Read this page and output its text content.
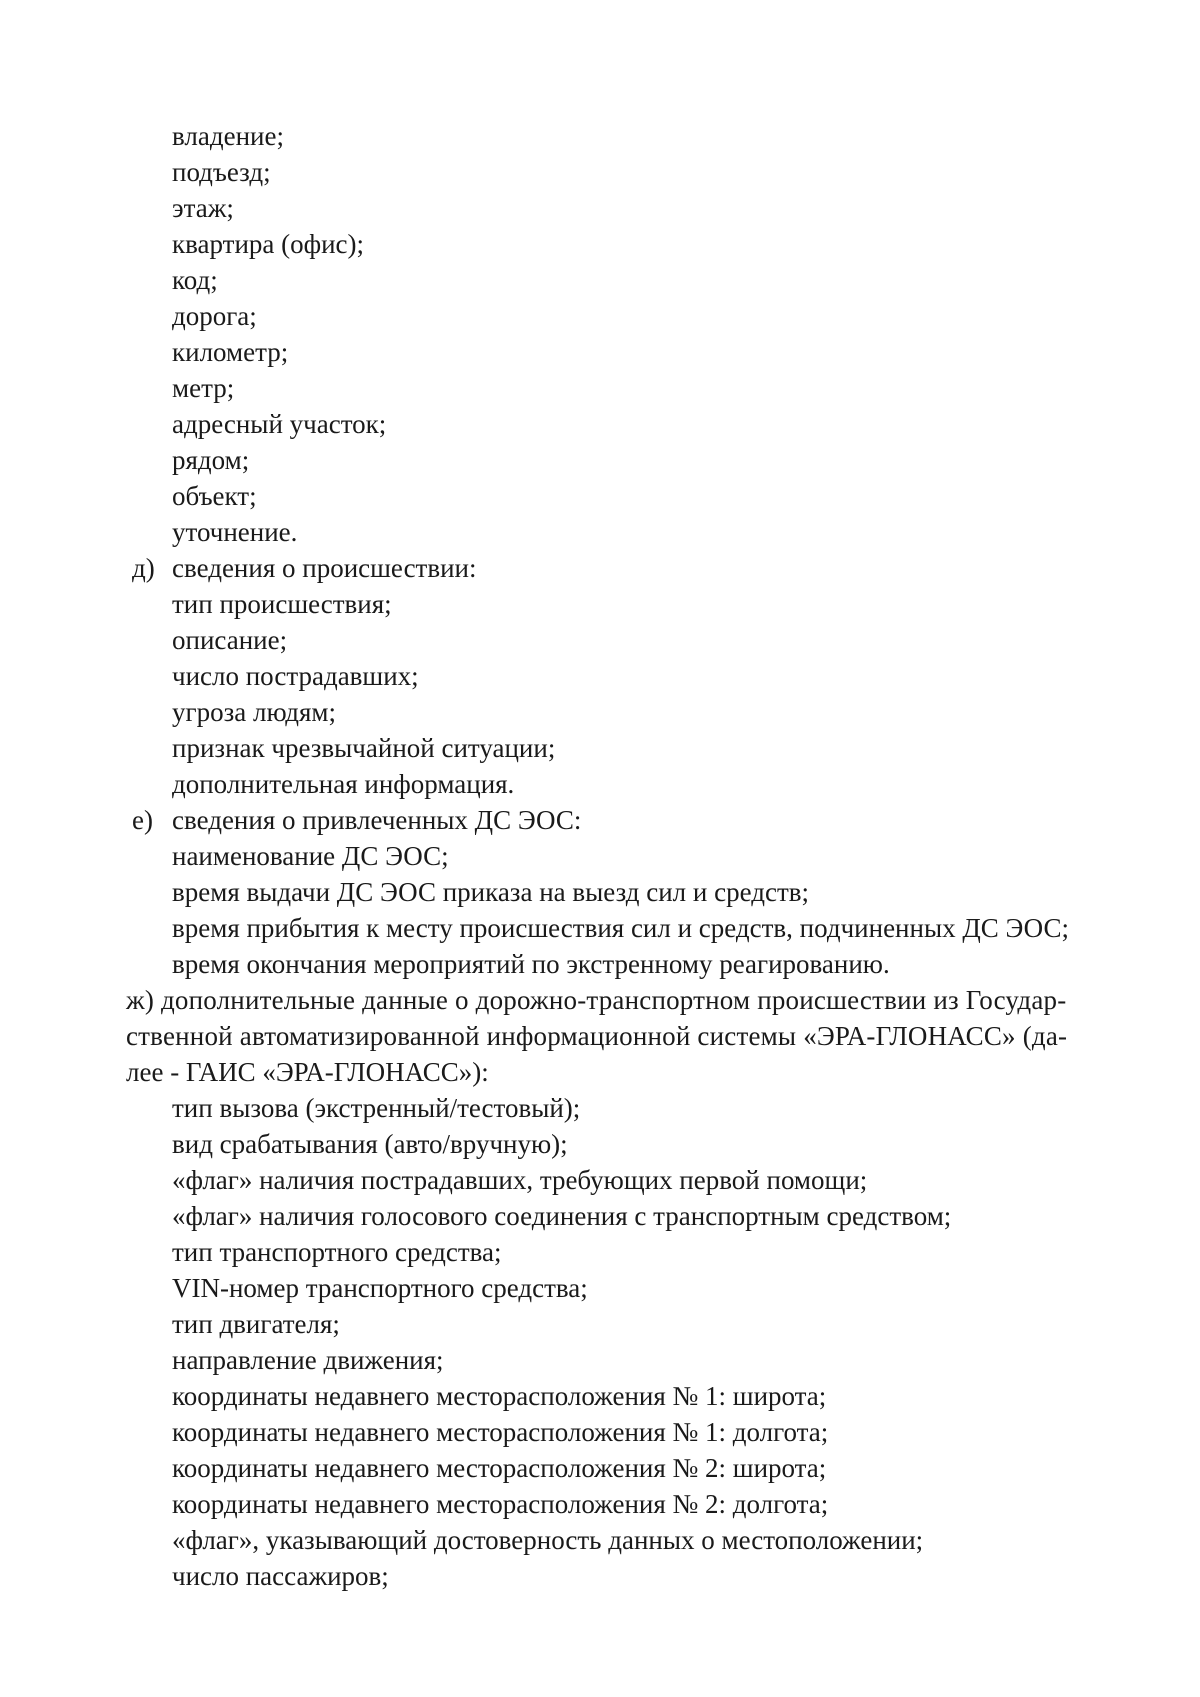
владение;
подъезд;
этаж;
квартира (офис);
код;
дорога;
километр;
метр;
адресный участок;
рядом;
объект;
уточнение.
д) сведения о происшествии:
тип происшествия;
описание;
число пострадавших;
угроза людям;
признак чрезвычайной ситуации;
дополнительная информация.
е) сведения о привлеченных ДС ЭОС:
наименование ДС ЭОС;
время выдачи ДС ЭОС приказа на выезд сил и средств;
время прибытия к месту происшествия сил и средств, подчиненных ДС ЭОС;
время окончания мероприятий по экстренному реагированию.
ж) дополнительные данные о дорожно-транспортном происшествии из Государ-
ственной автоматизированной информационной системы «ЭРА-ГЛОНАСС» (да-
лее - ГАИС «ЭРА-ГЛОНАСС»):
тип вызова (экстренный/тестовый);
вид срабатывания (авто/вручную);
«флаг» наличия пострадавших, требующих первой помощи;
«флаг» наличия голосового соединения с транспортным средством;
тип транспортного средства;
VIN-номер транспортного средства;
тип двигателя;
направление движения;
координаты недавнего месторасположения № 1: широта;
координаты недавнего месторасположения № 1: долгота;
координаты недавнего месторасположения № 2: широта;
координаты недавнего месторасположения № 2: долгота;
«флаг», указывающий достоверность данных о местоположении;
число пассажиров;
